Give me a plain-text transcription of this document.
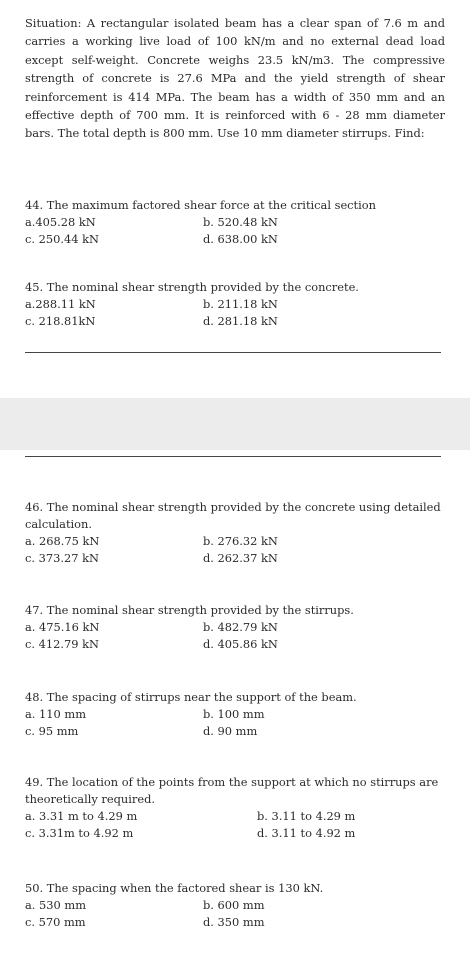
Situation: A rectangular isolated beam has a clear span of 7.6 m and carries a working live load of 100 kN/m and no external dead load except self-weight. Concrete weighs 23.5 kN/m3. The compressive strength of concrete is 27.6 MPa and the yield strength of shear reinforcement is 414 MPa. The beam has a width of 350 mm and an effective depth of 700 mm. It is reinforced with 6 - 28 mm diameter bars. The total depth is 800 mm. Use 10 mm diameter stirrups. Find:
44. The maximum factored shear force at the critical section
a.405.28 kN	b. 520.48 kN
c. 250.44 kN	d. 638.00 kN
45. The nominal shear strength provided by the concrete.
a.288.11 kN	b. 211.18 kN
c. 218.81kN	d. 281.18 kN
46. The nominal shear strength provided by the concrete using detailed calculation.
a. 268.75 kN	b. 276.32 kN
c. 373.27 kN	d. 262.37 kN
47. The nominal shear strength provided by the stirrups.
a. 475.16 kN	b. 482.79 kN
c. 412.79 kN	d. 405.86 kN
48. The spacing of stirrups near the support of the beam.
a. 110 mm	b. 100 mm
c. 95 mm	d. 90 mm
49. The location of the points from the support at which no stirrups are theoretically required.
a. 3.31 m to 4.29 m	b. 3.11 to 4.29 m
c. 3.31m to 4.92 m	d. 3.11 to 4.92 m
50. The spacing when the factored shear is 130 kN.
a. 530 mm	b. 600 mm
c. 570 mm	d. 350 mm
